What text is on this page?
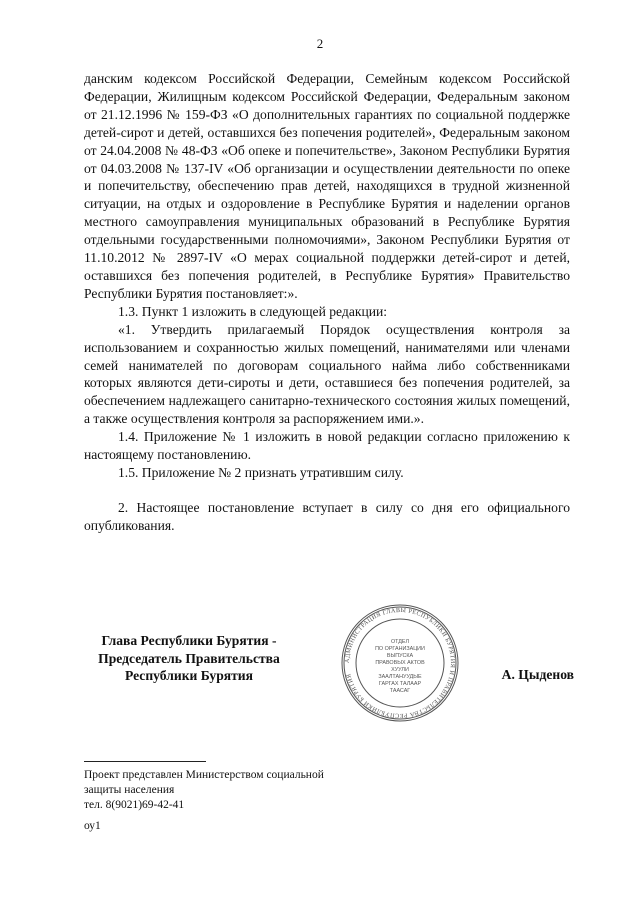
2

данским кодексом Российской Федерации, Семейным кодексом Российской Федерации, Жилищным кодексом Российской Федерации, Федеральным законом от 21.12.1996 № 159-ФЗ «О дополнительных гарантиях по социальной поддержке детей-сирот и детей, оставшихся без попечения родителей», Федеральным законом от 24.04.2008 № 48-ФЗ «Об опеке и попечительстве», Законом Республики Бурятия от 04.03.2008 № 137-IV «Об организации и осуществлении деятельности по опеке и попечительству, обеспечению прав детей, находящихся в трудной жизненной ситуации, на отдых и оздоровление в Республике Бурятия и наделении органов местного самоуправления муниципальных образований в Республике Бурятия отдельными государственными полномочиями», Законом Республики Бурятия от 11.10.2012 № 2897-IV «О мерах социальной поддержки детей-сирот и детей, оставшихся без попечения родителей, в Республике Бурятия» Правительство Республики Бурятия постановляет:».

1.3. Пункт 1 изложить в следующей редакции:

«1. Утвердить прилагаемый Порядок осуществления контроля за использованием и сохранностью жилых помещений, нанимателями или членами семей нанимателей по договорам социального найма либо собственниками которых являются дети-сироты и дети, оставшиеся без попечения родителей, за обеспечением надлежащего санитарно-технического состояния жилых помещений, а также осуществления контроля за распоряжением ими.».

1.4. Приложение № 1 изложить в новой редакции согласно приложению к настоящему постановлению.

1.5. Приложение № 2 признать утратившим силу.

2. Настоящее постановление вступает в силу со дня его официального опубликования.

Глава Республики Бурятия -
Председатель Правительства
Республики Бурятия
АДМИНИСТРАЦИЯ ГЛАВЫ РЕСПУБЛИКИ БУРЯТИЯ И ПРАВИТЕЛЬСТВА РЕСПУБЛИКИ БУРЯТИЯ
ОТДЕЛ
ПО ОРГАНИЗАЦИИ
ВЫПУСКА
ПРАВОВЫХ АКТОВ
ХУУЛИ
ЗААЛТАНУУДЫЕ
ГАРГАХ ТАЛААР
ТААСАГ
А. Цыденов
Проект представлен Министерством социальной
защиты населения
тел. 8(9021)69-42-41
оу1
